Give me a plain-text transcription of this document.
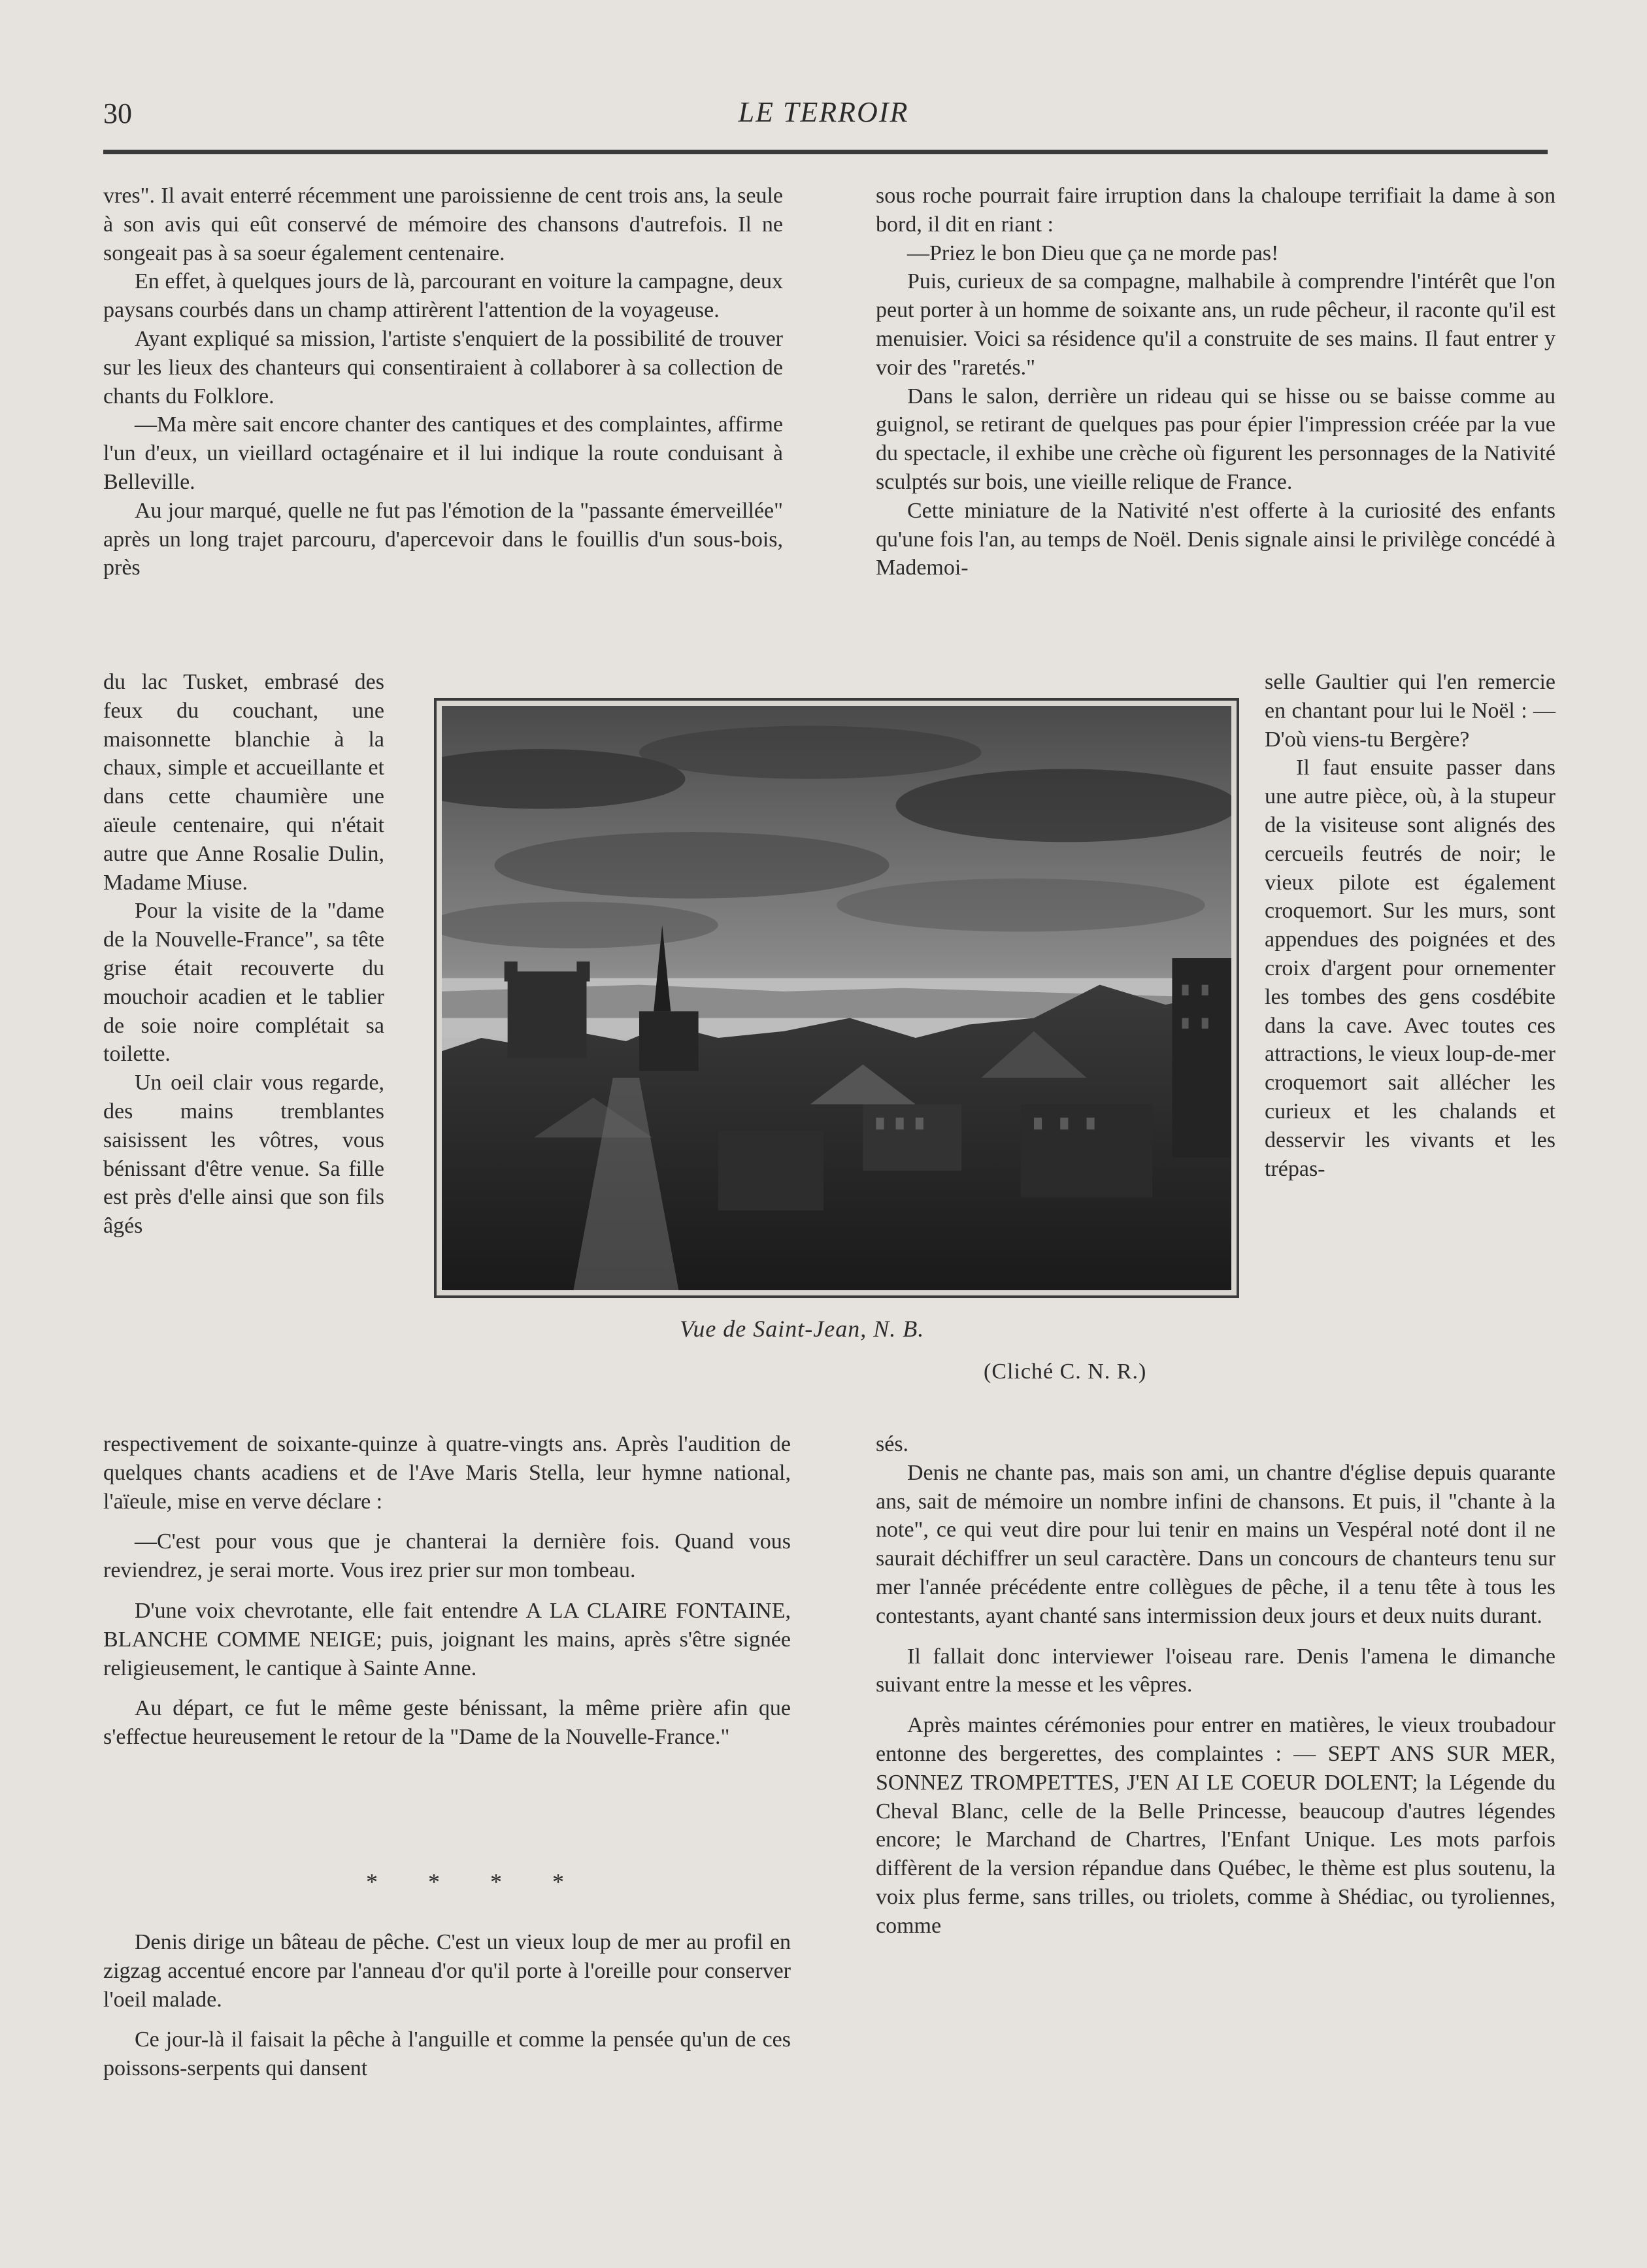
30	LE TERROIR

vres". Il avait enterré récemment une paroissienne de cent trois ans, la seule à son avis qui eût conservé de mémoire des chansons d'autrefois. Il ne songeait pas à sa soeur également centenaire.

En effet, à quelques jours de là, parcourant en voiture la campagne, deux paysans courbés dans un champ attirèrent l'attention de la voyageuse.

Ayant expliqué sa mission, l'artiste s'enquiert de la possibilité de trouver sur les lieux des chanteurs qui consentiraient à collaborer à sa collection de chants du Folklore.

—Ma mère sait encore chanter des cantiques et des complaintes, affirme l'un d'eux, un vieillard octagénaire et il lui indique la route conduisant à Belleville.

Au jour marqué, quelle ne fut pas l'émotion de la "passante émerveillée" après un long trajet parcouru, d'apercevoir dans le fouillis d'un sous-bois, près

du lac Tusket, embrasé des feux du couchant, une maisonnette blanchie à la chaux, simple et accueillante et dans cette chaumière une aïeule centenaire, qui n'était autre que Anne Rosalie Dulin, Madame Miuse.

Pour la visite de la "dame de la Nouvelle-France", sa tête grise était recouverte du mouchoir acadien et le tablier de soie noire complétait sa toilette.

Un oeil clair vous regarde, des mains tremblantes saisissent les vôtres, vous bénissant d'être venue. Sa fille est près d'elle ainsi que son fils âgés

respectivement de soixante-quinze à quatre-vingts ans. Après l'audition de quelques chants acadiens et de l'Ave Maris Stella, leur hymne national, l'aïeule, mise en verve déclare :

—C'est pour vous que je chanterai la dernière fois. Quand vous reviendrez, je serai morte. Vous irez prier sur mon tombeau.

D'une voix chevrotante, elle fait entendre A LA CLAIRE FONTAINE, BLANCHE COMME NEIGE; puis, joignant les mains, après s'être signée religieusement, le cantique à Sainte Anne.

Au départ, ce fut le même geste bénissant, la même prière afin que s'effectue heureusement le retour de la "Dame de la Nouvelle-France."

* * * *

Denis dirige un bâteau de pêche. C'est un vieux loup de mer au profil en zigzag accentué encore par l'anneau d'or qu'il porte à l'oreille pour conserver l'oeil malade.

Ce jour-là il faisait la pêche à l'anguille et comme la pensée qu'un de ces poissons-serpents qui dansent

sous roche pourrait faire irruption dans la chaloupe terrifiait la dame à son bord, il dit en riant :

—Priez le bon Dieu que ça ne morde pas!

Puis, curieux de sa compagne, malhabile à comprendre l'intérêt que l'on peut porter à un homme de soixante ans, un rude pêcheur, il raconte qu'il est menuisier. Voici sa résidence qu'il a construite de ses mains. Il faut entrer y voir des "raretés."

Dans le salon, derrière un rideau qui se hisse ou se baisse comme au guignol, se retirant de quelques pas pour épier l'impression créée par la vue du spectacle, il exhibe une crèche où figurent les personnages de la Nativité sculptés sur bois, une vieille relique de France.

Cette miniature de la Nativité n'est offerte à la curiosité des enfants qu'une fois l'an, au temps de Noël. Denis signale ainsi le privilège concédé à Mademoi-

selle Gaultier qui l'en remercie en chantant pour lui le Noël : — D'où viens-tu Bergère?

Il faut ensuite passer dans une autre pièce, où, à la stupeur de la visiteuse sont alignés des cercueils feutrés de noir; le vieux pilote est également croquemort. Sur les murs, sont appendues des poignées et des croix d'argent pour ornementer les tombes des gens cosdébite dans la cave. Avec toutes ces attractions, le vieux loup-de-mer croquemort sait allécher les curieux et les chalands et desservir les vivants et les trépas-

sés.

Denis ne chante pas, mais son ami, un chantre d'église depuis quarante ans, sait de mémoire un nombre infini de chansons. Et puis, il "chante à la note", ce qui veut dire pour lui tenir en mains un Vespéral noté dont il ne saurait déchiffrer un seul caractère. Dans un concours de chanteurs tenu sur mer l'année précédente entre collègues de pêche, il a tenu tête à tous les contestants, ayant chanté sans intermission deux jours et deux nuits durant.

Il fallait donc interviewer l'oiseau rare. Denis l'amena le dimanche suivant entre la messe et les vêpres.

Après maintes cérémonies pour entrer en matières, le vieux troubadour entonne des bergerettes, des complaintes : — SEPT ANS SUR MER, SONNEZ TROMPETTES, J'EN AI LE COEUR DOLENT; la Légende du Cheval Blanc, celle de la Belle Princesse, beaucoup d'autres légendes encore; le Marchand de Chartres, l'Enfant Unique. Les mots parfois diffèrent de la version répandue dans Québec, le thème est plus soutenu, la voix plus ferme, sans trilles, ou triolets, comme à Shédiac, ou tyroliennes, comme

Vue de Saint-Jean, N. B.
(Cliché C. N. R.)
